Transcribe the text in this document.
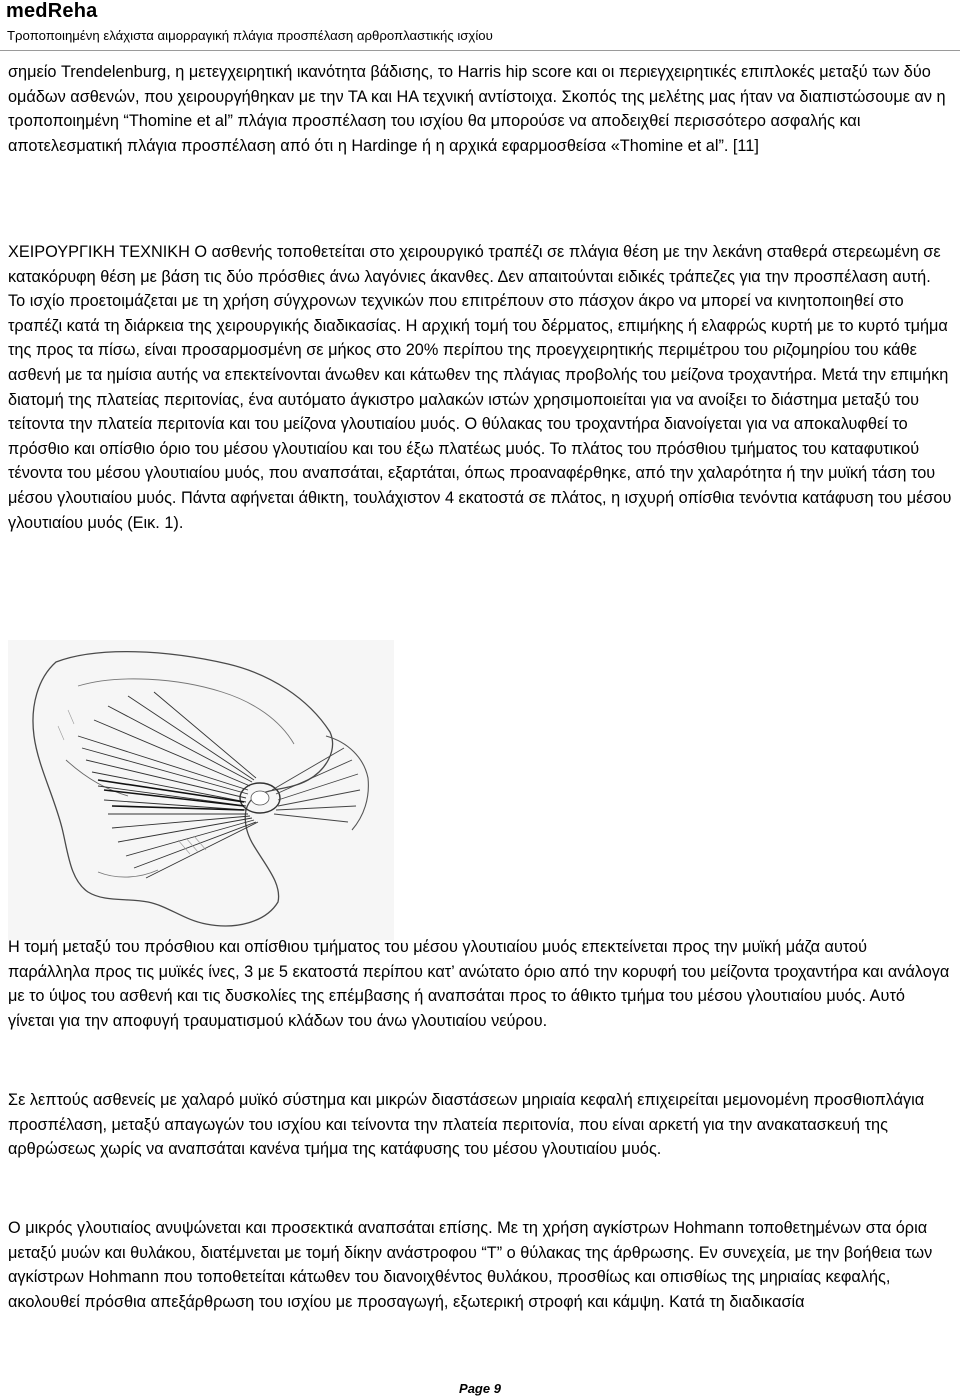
medReha
Τροποποιημένη ελάχιστα αιμορραγική πλάγια προσπέλαση αρθροπλαστικής ισχίου

σημείο Trendelenburg, η μετεγχειρητική ικανότητα βάδισης, το Harris hip score και οι περιεγχειρητικές επιπλοκές μεταξύ των δύο ομάδων ασθενών, που χειρουργήθηκαν με την ΤΑ και ΗΑ τεχνική αντίστοιχα. Σκοπός της μελέτης μας ήταν να διαπιστώσουμε αν η τροποποιημένη “Thomine et al” πλάγια προσπέλαση του ισχίου θα μπορούσε να αποδειχθεί περισσότερο ασφαλής και αποτελεσματική πλάγια προσπέλαση από ότι η Hardinge ή η αρχικά εφαρμοσθείσα «Thomine et al”. [11]

ΧΕΙΡΟΥΡΓΙΚΗ ΤΕΧΝΙΚΗ Ο ασθενής τοποθετείται στο χειρουργικό τραπέζι σε πλάγια θέση με την λεκάνη σταθερά στερεωμένη σε κατακόρυφη θέση με βάση τις δύο πρόσθιες άνω λαγόνιες άκανθες. Δεν απαιτούνται ειδικές τράπεζες για την προσπέλαση αυτή. Το ισχίο προετοιμάζεται με τη χρήση σύγχρονων τεχνικών που επιτρέπουν στο πάσχον άκρο να μπορεί να κινητοποιηθεί στο τραπέζι κατά τη διάρκεια της χειρουργικής διαδικασίας. Η αρχική τομή του δέρματος, επιμήκης ή ελαφρώς κυρτή με το κυρτό τμήμα της προς τα πίσω, είναι προσαρμοσμένη σε μήκος στο 20% περίπου της προεγχειρητικής περιμέτρου του ριζομηρίου του κάθε ασθενή με τα ημίσια αυτής να επεκτείνονται άνωθεν και κάτωθεν της πλάγιας προβολής του μείζονα τροχαντήρα. Μετά την επιμήκη διατομή της πλατείας περιτονίας, ένα αυτόματο άγκιστρο μαλακών ιστών χρησιμοποιείται για να ανοίξει το διάστημα μεταξύ του τείτοντα την πλατεία περιτονία και του μείζονα γλουτιαίου μυός. Ο θύλακας του τροχαντήρα διανοίγεται για να αποκαλυφθεί το πρόσθιο και οπίσθιο όριο του μέσου γλουτιαίου και του έξω πλατέως μυός. Το πλάτος του πρόσθιου τμήματος του καταφυτικού τένοντα του μέσου γλουτιαίου μυός, που αναπσάται, εξαρτάται, όπως προαναφέρθηκε, από την χαλαρότητα ή την μυϊκή τάση του μέσου γλουτιαίου μυός. Πάντα αφήνεται άθικτη, τουλάχιστον 4 εκατοστά σε πλάτος, η ισχυρή οπίσθια τενόντια κατάφυση του μέσου γλουτιαίου μυός (Εικ. 1).

Η τομή μεταξύ του πρόσθιου και οπίσθιου τμήματος του μέσου γλουτιαίου μυός επεκτείνεται προς την μυϊκή μάζα αυτού παράλληλα προς τις μυϊκές ίνες, 3 με 5 εκατοστά περίπου κατ’ ανώτατο όριο από την κορυφή του μείζοντα τροχαντήρα και ανάλογα με το ύψος του ασθενή και τις δυσκολίες της επέμβασης ή αναπσάται προς το άθικτο τμήμα του μέσου γλουτιαίου μυός. Αυτό γίνεται για την αποφυγή τραυματισμού κλάδων του άνω γλουτιαίου νεύρου.

Σε λεπτούς ασθενείς με χαλαρό μυϊκό σύστημα και μικρών διαστάσεων μηριαία κεφαλή επιχειρείται μεμονομένη προσθιοπλάγια προσπέλαση, μεταξύ απαγωγών του ισχίου και τείνοντα την πλατεία περιτονία, που είναι αρκετή για την ανακατασκευή της αρθρώσεως χωρίς να αναπσάται κανένα τμήμα της κατάφυσης του μέσου γλουτιαίου μυός.

Ο μικρός γλουτιαίος ανυψώνεται και προσεκτικά αναπσάται επίσης. Με τη χρήση αγκίστρων Hohmann τοποθετημένων στα όρια μεταξύ μυών και θυλάκου, διατέμνεται με τομή δίκην ανάστροφου “Τ” ο θύλακας της άρθρωσης. Εν συνεχεία, με την βοήθεια των αγκίστρων Hohmann που τοποθετείται κάτωθεν του διανοιχθέντος θυλάκου, προσθίως και οπισθίως της μηριαίας κεφαλής, ακολουθεί πρόσθια απεξάρθρωση του ισχίου με προσαγωγή, εξωτερική στροφή και κάμψη. Κατά τη διαδικασία

Page 9
